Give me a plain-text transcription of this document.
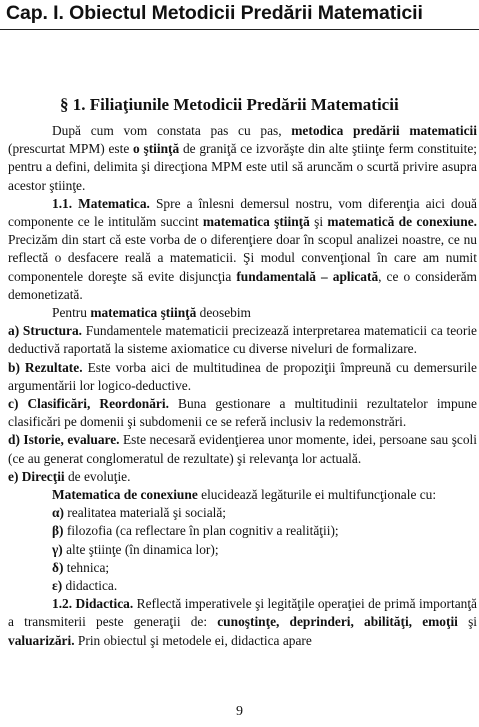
Cap. I. Obiectul Metodicii Predării Matematicii
§ 1. Filiaţiunile Metodicii Predării Matematicii

După cum vom constata pas cu pas, metodica predării matematicii (prescurtat MPM) este o ştiinţă de graniţă ce izvorăşte din alte ştiinţe ferm constituite; pentru a defini, delimita şi direcţiona MPM este util să aruncăm o scurtă privire asupra acestor ştiinţe.

1.1. Matematica. Spre a înlesni demersul nostru, vom diferenţia aici două componente ce le intitulăm succint matematica ştiinţă şi matematică de conexiune. Precizăm din start că este vorba de o diferenţiere doar în scopul analizei noastre, ce nu reflectă o desfacere reală a matematicii. Şi modul convenţional în care am numit componentele doreşte să evite disjuncţia fundamentală – aplicată, ce o considerăm demonetizată.

Pentru matematica ştiinţă deosebim

a) Structura. Fundamentele matematicii precizează interpretarea matematicii ca teorie deductivă raportată la sisteme axiomatice cu diverse niveluri de formalizare.

b) Rezultate. Este vorba aici de multitudinea de propoziţii împreună cu demersurile argumentării lor logico-deductive.

c) Clasificări, Reordonări. Buna gestionare a multitudinii rezultatelor impune clasificări pe domenii şi subdomenii ce se referă inclusiv la redemonstrări.

d) Istorie, evaluare. Este necesară evidenţierea unor momente, idei, persoane sau şcoli (ce au generat conglomeratul de rezultate) şi relevanţa lor actuală.

e) Direcţii de evoluţie.

Matematica de conexiune elucidează legăturile ei multifuncţionale cu:

α) realitatea materială şi socială;

β) filozofia (ca reflectare în plan cognitiv a realităţii);

γ) alte ştiinţe (în dinamica lor);

δ) tehnica;

ε) didactica.

1.2. Didactica. Reflectă imperativele şi legităţile operaţiei de primă importanţă a transmiterii peste generaţii de: cunoştinţe, deprinderi, abilităţi, emoţii şi valuarizări. Prin obiectul şi metodele ei, didactica apare

9
